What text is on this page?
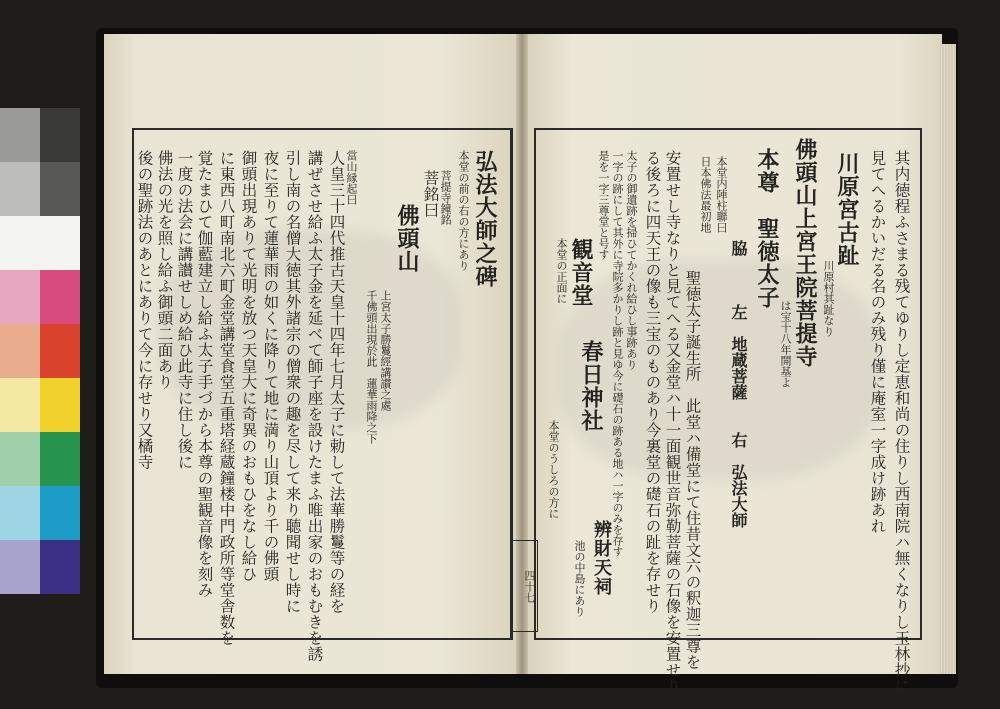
四十七	其内徳程ふさまる残てゆりし定恵和尚の住りし西南院ハ無くなりし玉林抄に
見てへるかいだる名のみ残り僅に庵室一字成け跡あれ
川原宮古趾
川原村其趾なり
佛頭山上宮王院菩提寺
は宝十八年開基よ
本尊　聖徳太子
脇　　　左　地蔵菩薩　　右　弘法大師
本堂内陣柱聯曰
日本佛法最初地
聖徳太子誕生所　此堂ハ備堂にて住昔文六の釈迦三尊を
安置せし寺なりと見てへる又金堂ハ十一面観世音弥勒菩薩の石像を安置せり
る後ろに四天王の像も三宝のものあり今裏堂の礎石の趾を存せり
太子の御遺跡を掃ひてかくれ給ひし事跡あり
一字の跡にして其外に寺院多かりし跡と見ゆ今に礎石の跡ある地ハ一字のみを存す
是を一字三尊堂と号す
観音堂
本堂の正面に
春日神社
本堂のうしろの方に
辨財天祠
池の中島にあり
弘法大師之碑
本堂の前の右の方にあり
菩提寺鐘銘
菩銘曰
佛頭山
上宮太子勝鬘經講讃之處
千佛頭出現於此　蓮華雨降之下
當山縁起曰
人皇三十四代推古天皇十四年七月太子に勅して法華勝鬘等の経を
講ぜさせ給ふ太子金を延べて師子座を設けたまふ唯出家のおもむきを誘
引し南の名僧大徳其外諸宗の僧衆の趣を尽して来り聴聞せし時に
夜に至りて蓮華雨の如くに降りて地に満り山頂より千の佛頭
御頭出現ありて光明を放つ天皇大に奇異のおもひをなし給ひ
に東西八町南北六町金堂講堂食堂五重塔経蔵鐘楼中門政所等堂舎数を
覚たまひて伽藍建立し給ふ太子手づから本尊の聖観音像を刻み
一度の法会に講讃せしめ給ひ此寺に住し後に
佛法の光を照し給ふ御頭二面あり
後の聖跡法のあとにありて今に存せり又橘寺
